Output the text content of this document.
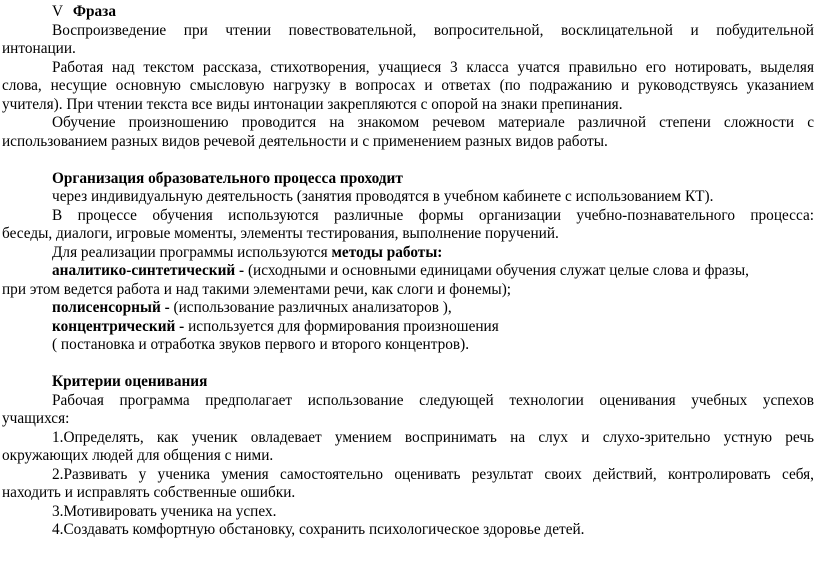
V Фраза
Воспроизведение при чтении повествовательной, вопросительной, восклицательной и побудительной
интонации.
Работая над текстом рассказа, стихотворения, учащиеся 3 класса учатся правильно его нотировать, выделяя
слова, несущие основную смысловую нагрузку в вопросах и ответах (по подражанию и руководствуясь указанием
учителя). При чтении текста все виды интонации закрепляются с опорой на знаки препинания.
Обучение произношению проводится на знакомом речевом материале различной степени сложности с
использованием разных видов речевой деятельности и с применением разных видов работы.
Организация образовательного процесса проходит
через индивидуальную деятельность (занятия проводятся в учебном кабинете с использованием КТ).
В процессе обучения используются различные формы организации учебно-познавательного процесса:
беседы, диалоги, игровые моменты, элементы тестирования, выполнение поручений.
Для реализации программы используются методы работы:
аналитико-синтетический - (исходными и основными единицами обучения служат целые слова и фразы,
при этом ведется работа и над такими элементами речи, как слоги и фонемы);
полисенсорный - (использование различных анализаторов ),
концентрический - используется для формирования произношения
( постановка и отработка звуков первого и второго концентров).
Критерии оценивания
Рабочая программа предполагает использование следующей технологии оценивания учебных успехов
учащихся:
1.Определять, как ученик овладевает умением воспринимать на слух и слухо-зрительно устную речь
окружающих людей для общения с ними.
2.Развивать у ученика умения самостоятельно оценивать результат своих действий, контролировать себя,
находить и исправлять собственные ошибки.
3.Мотивировать ученика на успех.
4.Создавать комфортную обстановку, сохранить психологическое здоровье детей.
